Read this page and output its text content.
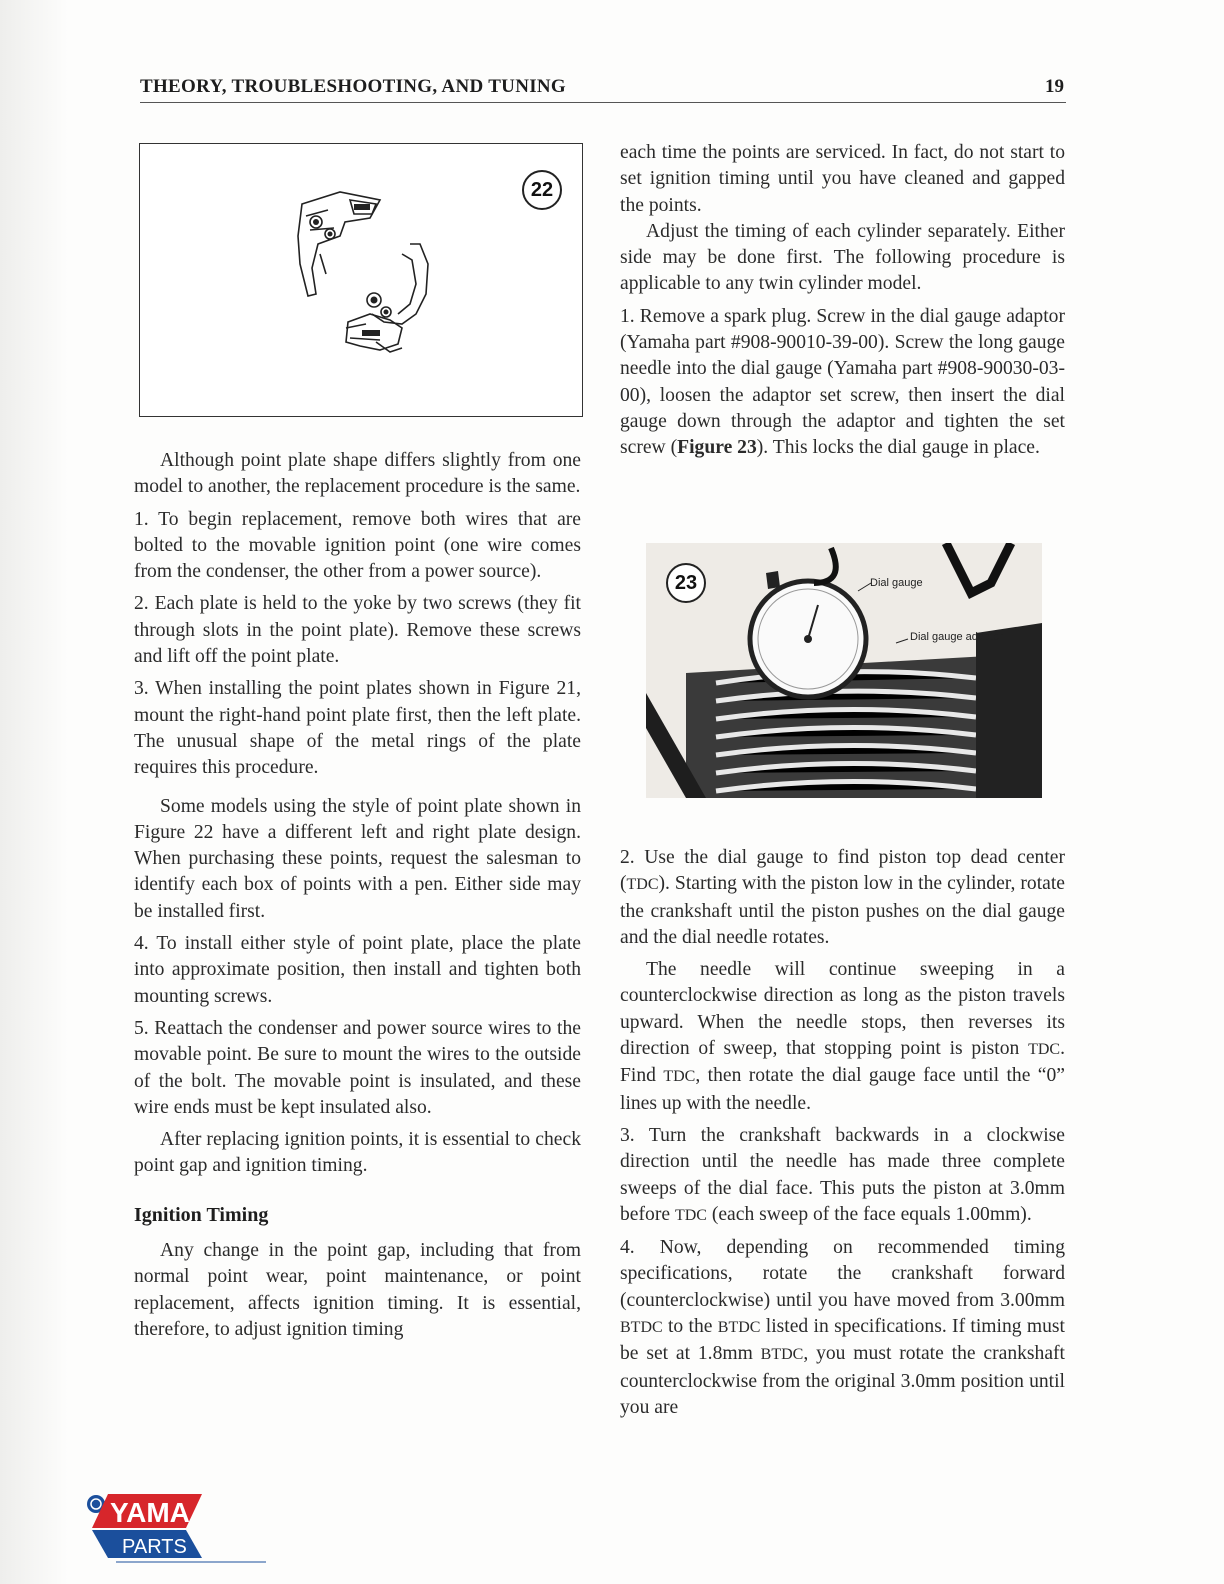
THEORY, TROUBLESHOOTING, AND TUNING	19
22
23	Dial gauge
Dial gauge adapter

Although point plate shape differs slightly from one model to another, the replacement procedure is the same.

1. To begin replacement, remove both wires that are bolted to the movable ignition point (one wire comes from the condenser, the other from a power source).

2. Each plate is held to the yoke by two screws (they fit through slots in the point plate). Remove these screws and lift off the point plate.

3. When installing the point plates shown in Figure 21, mount the right-hand point plate first, then the left plate. The unusual shape of the metal rings of the plate requires this procedure.

Some models using the style of point plate shown in Figure 22 have a different left and right plate design. When purchasing these points, request the salesman to identify each box of points with a pen. Either side may be installed first.

4. To install either style of point plate, place the plate into approximate position, then install and tighten both mounting screws.

5. Reattach the condenser and power source wires to the movable point. Be sure to mount the wires to the outside of the bolt. The movable point is insulated, and these wire ends must be kept insulated also.

After replacing ignition points, it is essential to check point gap and ignition timing.

Ignition Timing

Any change in the point gap, including that from normal point wear, point maintenance, or point replacement, affects ignition timing. It is essential, therefore, to adjust ignition timing

each time the points are serviced. In fact, do not start to set ignition timing until you have cleaned and gapped the points.

Adjust the timing of each cylinder separately. Either side may be done first. The following procedure is applicable to any twin cylinder model.

1. Remove a spark plug. Screw in the dial gauge adaptor (Yamaha part #908-90010-39-00). Screw the long gauge needle into the dial gauge (Yamaha part #908-90030-03-00), loosen the adaptor set screw, then insert the dial gauge down through the adaptor and tighten the set screw (Figure 23). This locks the dial gauge in place.

2. Use the dial gauge to find piston top dead center (TDC). Starting with the piston low in the cylinder, rotate the crankshaft until the piston pushes on the dial gauge and the dial needle rotates.

The needle will continue sweeping in a counterclockwise direction as long as the piston travels upward. When the needle stops, then reverses its direction of sweep, that stopping point is piston TDC. Find TDC, then rotate the dial gauge face until the “0” lines up with the needle.

3. Turn the crankshaft backwards in a clockwise direction until the needle has made three complete sweeps of the dial face. This puts the piston at 3.0mm before TDC (each sweep of the face equals 1.00mm).

4. Now, depending on recommended timing specifications, rotate the crankshaft forward (counterclockwise) until you have moved from 3.00mm BTDC to the BTDC listed in specifications. If timing must be set at 1.8mm BTDC, you must rotate the crankshaft counterclockwise from the original 3.0mm position until you are

YAMA
PARTS
